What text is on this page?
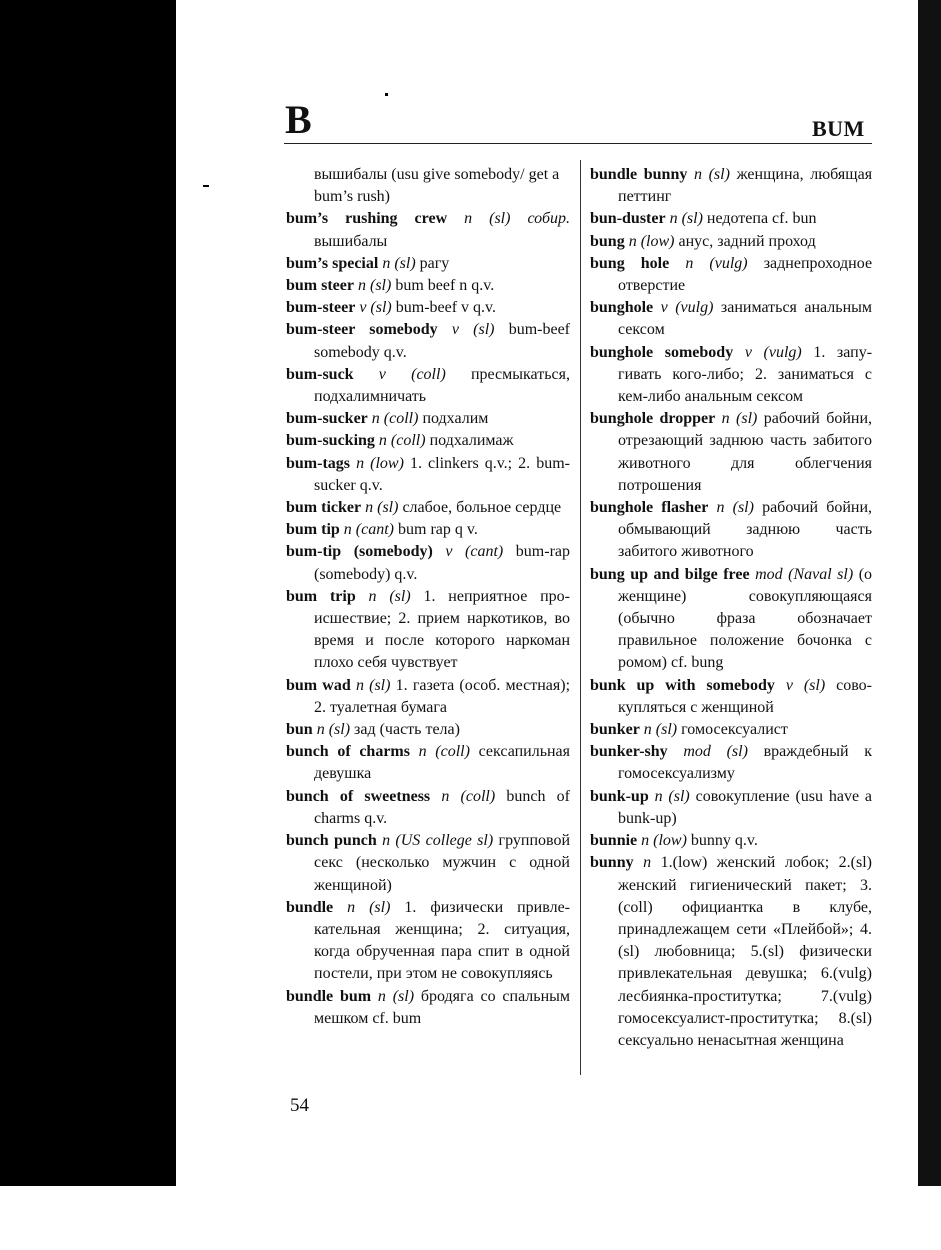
B	BUM
вышибалы (usu give somebody/ get a bum’s rush)
bum’s rushing crew n (sl) собир. вышибалы
bum’s special n (sl) рагу
bum steer n (sl) bum beef n q.v.
bum-steer v (sl) bum-beef v q.v.
bum-steer somebody v (sl) bum-beef somebody q.v.
bum-suck v (coll) пресмыкаться, подхалимничать
bum-sucker n (coll) подхалим
bum-sucking n (coll) подхалимаж
bum-tags n (low) 1. clinkers q.v.; 2. bum-sucker q.v.
bum ticker n (sl) слабое, больное сердце
bum tip n (cant) bum rap q v.
bum-tip (somebody) v (cant) bum-rap (somebody) q.v.
bum trip n (sl) 1. неприятное происшествие; 2. прием наркотиков, во время и после которого наркоман плохо себя чувствует
bum wad n (sl) 1. газета (особ. местная); 2. туалетная бумага
bun n (sl) зад (часть тела)
bunch of charms n (coll) сексапильная девушка
bunch of sweetness n (coll) bunch of charms q.v.
bunch punch n (US college sl) групповой секс (несколько мужчин с одной женщиной)
bundle n (sl) 1. физически привлекательная женщина; 2. ситуация, когда обрученная пара спит в одной постели, при этом не совокупляясь
bundle bum n (sl) бродяга со спальным мешком cf. bum
bundle bunny n (sl) женщина, любящая петтинг
bun-duster n (sl) недотепа cf. bun
bung n (low) анус, задний проход
bung hole n (vulg) заднепроходное отверстие
bunghole v (vulg) заниматься анальным сексом
bunghole somebody v (vulg) 1. запугивать кого-либо; 2. заниматься с кем-либо анальным сексом
bunghole dropper n (sl) рабочий бойни, отрезающий заднюю часть забитого животного для облегчения потрошения
bunghole flasher n (sl) рабочий бойни, обмывающий заднюю часть забитого животного
bung up and bilge free mod (Naval sl) (о женщине) совокупляющаяся (обычно фраза обозначает правильное положение бочонка с ромом) cf. bung
bunk up with somebody v (sl) совокупляться с женщиной
bunker n (sl) гомосексуалист
bunker-shy mod (sl) враждебный к гомосексуализму
bunk-up n (sl) совокупление (usu have a bunk-up)
bunnie n (low) bunny q.v.
bunny n 1.(low) женский лобок; 2.(sl) женский гигиенический пакет; 3.(coll) официантка в клубе, принадлежащем сети «Плейбой»; 4.(sl) любовница; 5.(sl) физически привлекательная девушка; 6.(vulg) лесбиянка-проститутка; 7.(vulg) гомосексуалист-проститутка; 8.(sl) сексуально ненасытная женщина
54
